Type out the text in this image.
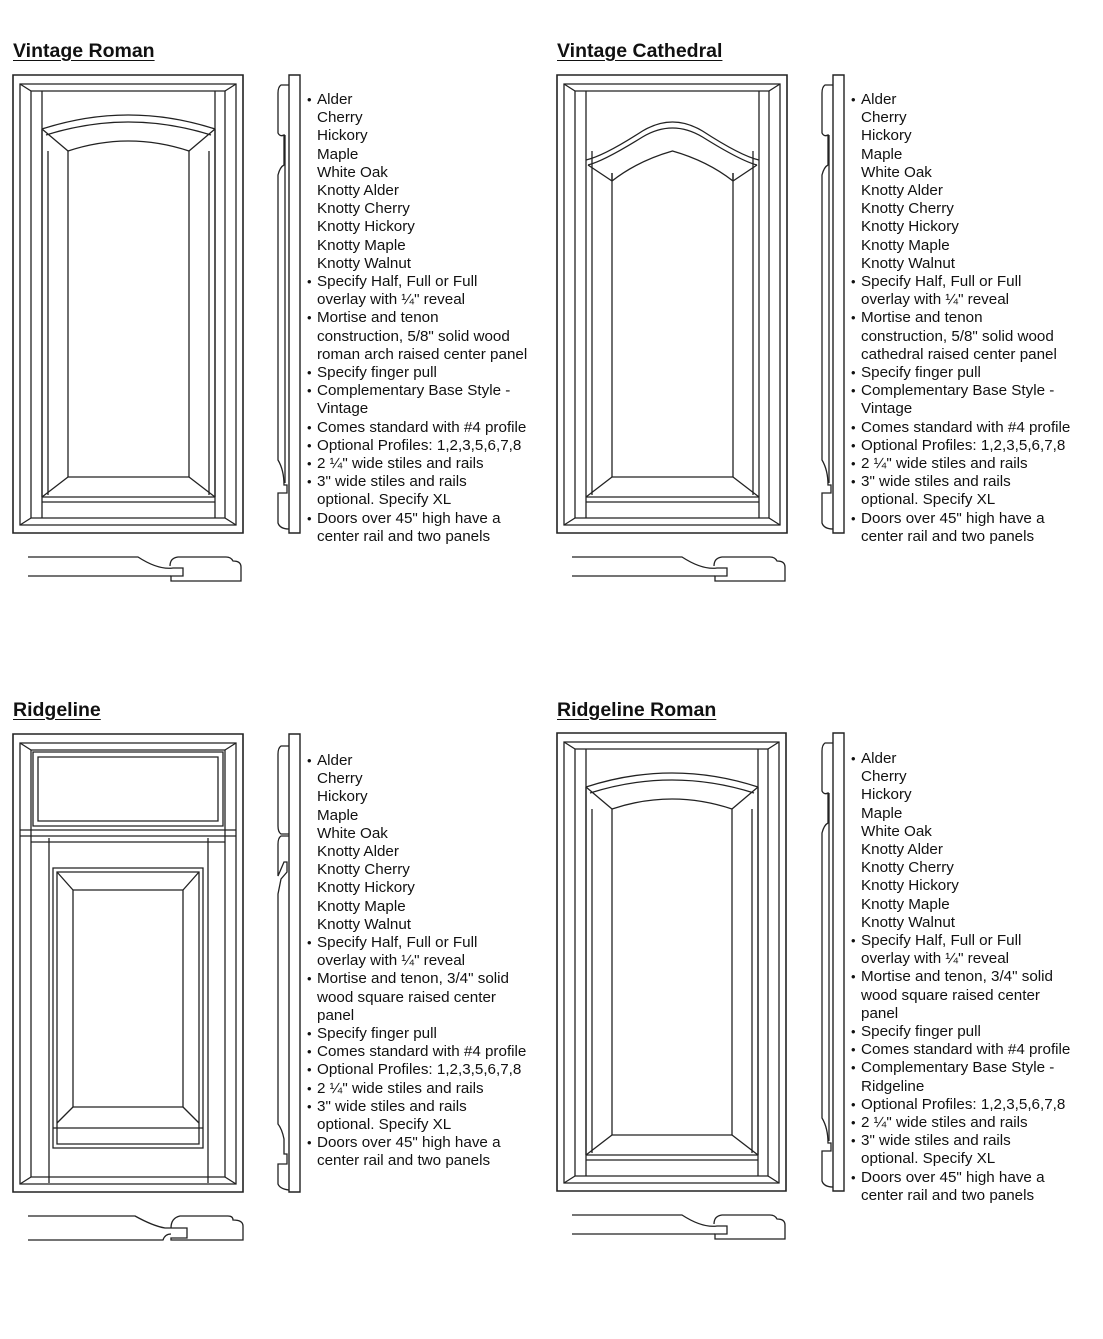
Vintage Roman
• Alder
Cherry
Hickory
Maple
White Oak
Knotty Alder
Knotty Cherry
Knotty Hickory
Knotty Maple
Knotty Walnut
• Specify Half, Full or Full
overlay with ¼" reveal
• Mortise and tenon
construction, 5/8" solid wood
roman arch raised center panel
• Specify finger pull
• Complementary Base Style -
Vintage
• Comes standard with #4 profile
• Optional Profiles: 1,2,3,5,6,7,8
• 2 ¼" wide stiles and rails
• 3" wide stiles and rails
optional. Specify XL
• Doors over 45" high have a
center rail and two panels
Vintage Cathedral
• Alder
Cherry
Hickory
Maple
White Oak
Knotty Alder
Knotty Cherry
Knotty Hickory
Knotty Maple
Knotty Walnut
• Specify Half, Full or Full
overlay with ¼" reveal
• Mortise and tenon
construction, 5/8" solid wood
cathedral raised center panel
• Specify finger pull
• Complementary Base Style -
Vintage
• Comes standard with #4 profile
• Optional Profiles: 1,2,3,5,6,7,8
• 2 ¼" wide stiles and rails
• 3" wide stiles and rails
optional. Specify XL
• Doors over 45" high have a
center rail and two panels
Ridgeline
• Alder
Cherry
Hickory
Maple
White Oak
Knotty Alder
Knotty Cherry
Knotty Hickory
Knotty Maple
Knotty Walnut
• Specify Half, Full or Full
overlay with ¼" reveal
• Mortise and tenon, 3/4" solid
wood square raised center
panel
• Specify finger pull
• Comes standard with #4 profile
• Optional Profiles: 1,2,3,5,6,7,8
• 2 ¼" wide stiles and rails
• 3" wide stiles and rails
optional. Specify XL
• Doors over 45" high have a
center rail and two panels
Ridgeline Roman
• Alder
Cherry
Hickory
Maple
White Oak
Knotty Alder
Knotty Cherry
Knotty Hickory
Knotty Maple
Knotty Walnut
• Specify Half, Full or Full
overlay with ¼" reveal
• Mortise and tenon, 3/4" solid
wood square raised center
panel
• Specify finger pull
• Comes standard with #4 profile
• Complementary Base Style -
Ridgeline
• Optional Profiles: 1,2,3,5,6,7,8
• 2 ¼" wide stiles and rails
• 3" wide stiles and rails
optional. Specify XL
• Doors over 45" high have a
center rail and two panels
